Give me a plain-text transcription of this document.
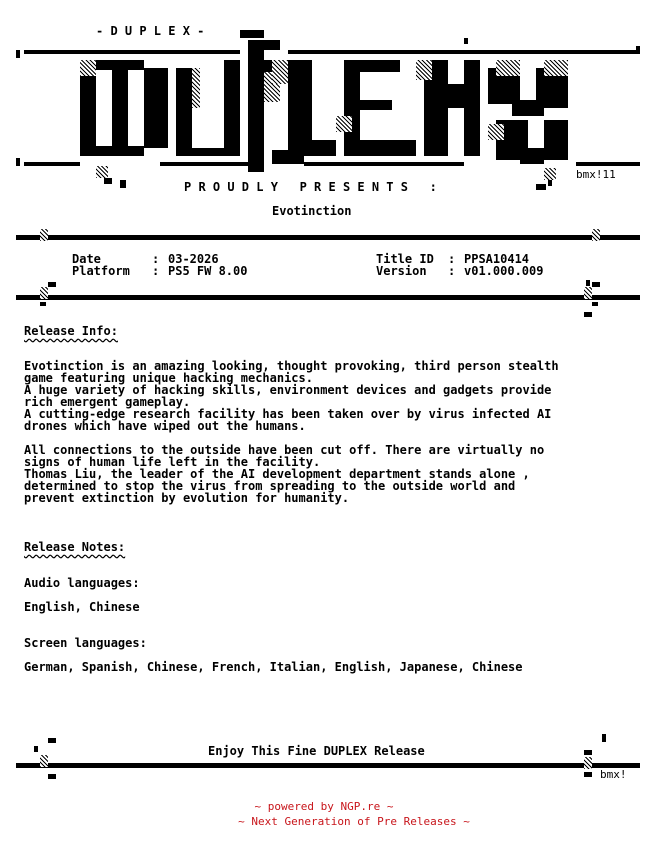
- D U P L E X -
P R O U D L Y   P R E S E N T S   :
bmx!11
Evotinction
Date	: 03-2026
Platform : PS5 FW 8.00
Title ID : PPSA10414
Version : v01.000.009
Release Info:
Evotinction is an amazing looking, thought provoking, third person stealth
game featuring unique hacking mechanics.
A huge variety of hacking skills, environment devices and gadgets provide
rich emergent gameplay.
A cutting-edge research facility has been taken over by virus infected AI
drones which have wiped out the humans.
All connections to the outside have been cut off. There are virtually no
signs of human life left in the facility.
Thomas Liu, the leader of the AI development department stands alone ,
determined to stop the virus from spreading to the outside world and
prevent extinction by evolution for humanity.
Release Notes:
Audio languages:
English, Chinese
Screen languages:
German, Spanish, Chinese, French, Italian, English, Japanese, Chinese
Enjoy This Fine DUPLEX Release
bmx!
~ powered by NGP.re ~
~ Next Generation of Pre Releases ~
